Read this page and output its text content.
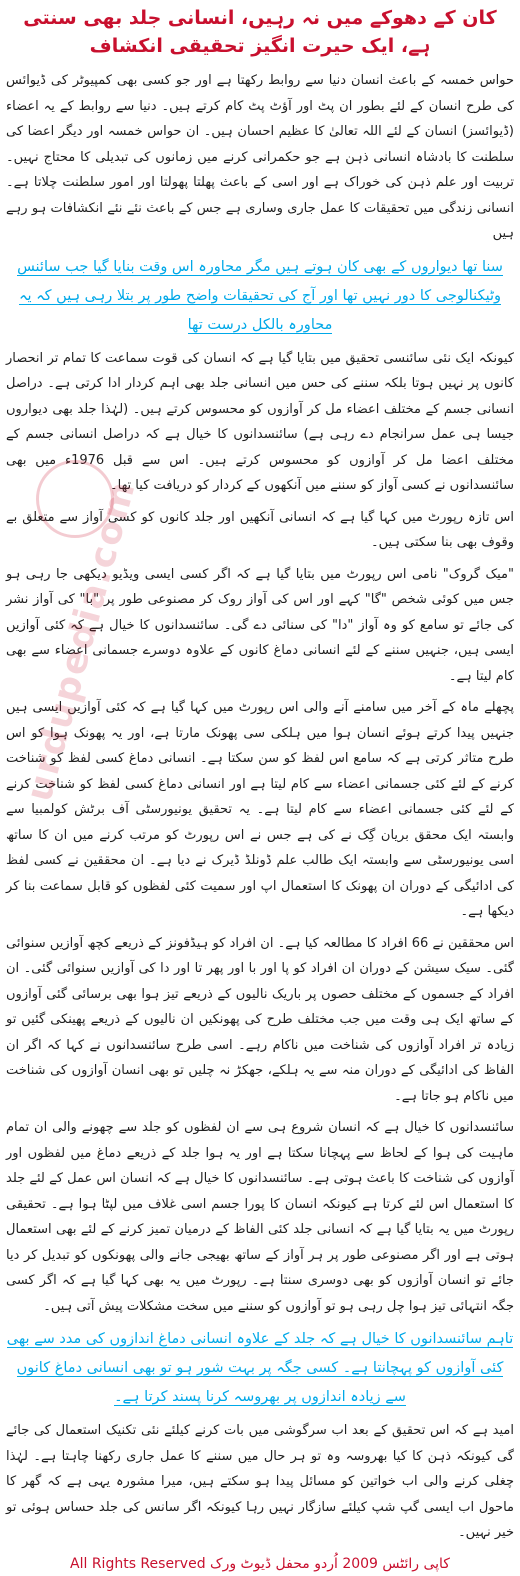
urdupedia.com
کان کے دھوکے میں نہ رہیں، انسانی جلد بھی سنتی ہے، ایک حیرت انگیز تحقیقی انکشاف

حواس خمسہ کے باعث انسان دنیا سے روابط رکھتا ہے اور جو کسی بھی کمپیوٹر کی ڈیوائس کی طرح انسان کے لئے بطور ان پٹ اور آؤٹ پٹ کام کرتے ہیں۔ دنیا سے روابط کے یہ اعضاء (ڈیوائسز) انسان کے لئے اللہ تعالیٰ کا عظیم احسان ہیں۔ ان حواس خمسہ اور دیگر اعضا کی سلطنت کا بادشاہ انسانی ذہن ہے جو حکمرانی کرنے میں زمانوں کی تبدیلی کا محتاج نہیں۔ تربیت اور علم ذہن کی خوراک ہے اور اسی کے باعث پھلتا پھولتا اور امور سلطنت چلاتا ہے۔ انسانی زندگی میں تحقیقات کا عمل جاری وساری ہے جس کے باعث نئے نئے انکشافات ہو رہے ہیں

سنا تھا دیواروں کے بھی کان ہوتے ہیں مگر محاورہ اس وقت بنایا گیا جب سائنس وٹیکنالوجی کا دور نہیں تھا اور آج کی تحقیقات واضح طور پر بتلا رہی ہیں کہ یہ محاورہ بالکل درست تھا

کیونکہ ایک نئی سائنسی تحقیق میں بتایا گیا ہے کہ انسان کی قوت سماعت کا تمام تر انحصار کانوں پر نہیں ہوتا بلکہ سننے کی حس میں انسانی جلد بھی اہم کردار ادا کرتی ہے۔ دراصل انسانی جسم کے مختلف اعضاء مل کر آوازوں کو محسوس کرتے ہیں۔ (لہٰذا جلد بھی دیواروں جیسا ہی عمل سرانجام دے رہی ہے) سائنسدانوں کا خیال ہے کہ دراصل انسانی جسم کے مختلف اعضا مل کر آوازوں کو محسوس کرتے ہیں۔ اس سے قبل 1976ء میں بھی سائنسدانوں نے کسی آواز کو سننے میں آنکھوں کے کردار کو دریافت کیا تھا۔

اس تازہ رپورٹ میں کہا گیا ہے کہ انسانی آنکھیں اور جلد کانوں کو کسی آواز سے متعلق بے وقوف بھی بنا سکتی ہیں۔

"میک گروک" نامی اس رپورٹ میں بتایا گیا ہے کہ اگر کسی ایسی ویڈیو دیکھی جا رہی ہو جس میں کوئی شخص "گا" کہے اور اس کی آواز روک کر مصنوعی طور پر "با" کی آواز نشر کی جائے تو سامع کو وہ آواز "دا" کی سنائی دے گی۔ سائنسدانوں کا خیال ہے کہ کئی آوازیں ایسی ہیں، جنہیں سننے کے لئے انسانی دماغ کانوں کے علاوہ دوسرے جسمانی اعضاء سے بھی کام لیتا ہے۔

پچھلے ماہ کے آخر میں سامنے آنے والی اس رپورٹ میں کہا گیا ہے کہ کئی آوازیں ایسی ہیں جنہیں پیدا کرتے ہوئے انسان ہوا میں ہلکی سی پھونک مارتا ہے، اور یہ پھونک ہوا کو اس طرح متاثر کرتی ہے کہ سامع اس لفظ کو سن سکتا ہے۔ انسانی دماغ کسی لفظ کو شناخت کرنے کے لئے کئی جسمانی اعضاء سے کام لیتا ہے اور انسانی دماغ کسی لفظ کو شناخت کرنے کے لئے کئی جسمانی اعضاء سے کام لیتا ہے۔ یہ تحقیق یونیورسٹی آف برٹش کولمبیا سے وابستہ ایک محقق بریان گِک نے کی ہے جس نے اس رپورٹ کو مرتب کرنے میں ان کا ساتھ اسی یونیورسٹی سے وابستہ ایک طالب علم ڈونلڈ ڈیرک نے دیا ہے۔ ان محققین نے کسی لفظ کی ادائیگی کے دوران ان پھونک کا استعمال اپ اور سمیت کئی لفظوں کو قابل سماعت بنا کر دیکھا ہے۔

اس محققین نے 66 افراد کا مطالعہ کیا ہے۔ ان افراد کو ہیڈفونز کے ذریعے کچھ آوازیں سنوائی گئی۔ سیک سیشن کے دوران ان افراد کو پا اور با اور پھر تا اور دا کی آوازیں سنوائی گئی۔ ان افراد کے جسموں کے مختلف حصوں پر باریک نالیوں کے ذریعے تیز ہوا بھی برسائی گئی آوازوں کے ساتھ ایک ہی وقت میں جب مختلف طرح کی پھونکیں ان نالیوں کے ذریعے پھینکی گئیں تو زیادہ تر افراد آوازوں کی شناخت میں ناکام رہے۔ اسی طرح سائنسدانوں نے کہا کہ اگر ان الفاظ کی ادائیگی کے دوران منہ سے یہ ہلکے، جھکڑ نہ چلیں تو بھی انسان آوازوں کی شناخت میں ناکام ہو جاتا ہے۔

سائنسدانوں کا خیال ہے کہ انسان شروع ہی سے ان لفظوں کو جلد سے چھونے والی ان تمام ماہیت کی ہوا کے لحاظ سے پہچانا سکتا ہے اور یہ ہوا جلد کے ذریعے دماغ میں لفظوں اور آوازوں کی شناخت کا باعث ہوتی ہے۔ سائنسدانوں کا خیال ہے کہ انسان اس عمل کے لئے جلد کا استعمال اس لئے کرتا ہے کیونکہ انسان کا پورا جسم اسی غلاف میں لپٹا ہوا ہے۔ تحقیقی رپورٹ میں یہ بتایا گیا ہے کہ انسانی جلد کئی الفاظ کے درمیان تمیز کرنے کے لئے بھی استعمال ہوتی ہے اور اگر مصنوعی طور پر ہر آواز کے ساتھ بھیجی جانے والی پھونکوں کو تبدیل کر دیا جائے تو انسان آوازوں کو بھی دوسری سنتا ہے۔ رپورٹ میں یہ بھی کہا گیا ہے کہ اگر کسی جگہ انتہائی تیز ہوا چل رہی ہو تو آوازوں کو سننے میں سخت مشکلات پیش آتی ہیں۔

تاہم سائنسدانوں کا خیال ہے کہ جلد کے علاوہ انسانی دماغ اندازوں کی مدد سے بھی کئی آوازوں کو پہچانتا ہے۔ کسی جگہ پر بہت شور ہو تو بھی انسانی دماغ کانوں سے زیادہ اندازوں پر بھروسہ کرنا پسند کرتا ہے۔

امید ہے کہ اس تحقیق کے بعد اب سرگوشی میں بات کرنے کیلئے نئی تکنیک استعمال کی جائے گی کیونکہ ذہن کا کیا بھروسہ وہ تو ہر حال میں سننے کا عمل جاری رکھنا چاہتا ہے۔ لہٰذا چغلی کرنے والی اب خواتین کو مسائل پیدا ہو سکتے ہیں، میرا مشورہ یہی ہے کہ گھر کا ماحول اب ایسی گپ شپ کیلئے سازگار نہیں رہا کیونکہ اگر سانس کی جلد حساس ہوئی تو خیر نہیں۔

کاپی رائٹس 2009 اُردو محفل ڈیوٹ ورک All Rights Reserved
